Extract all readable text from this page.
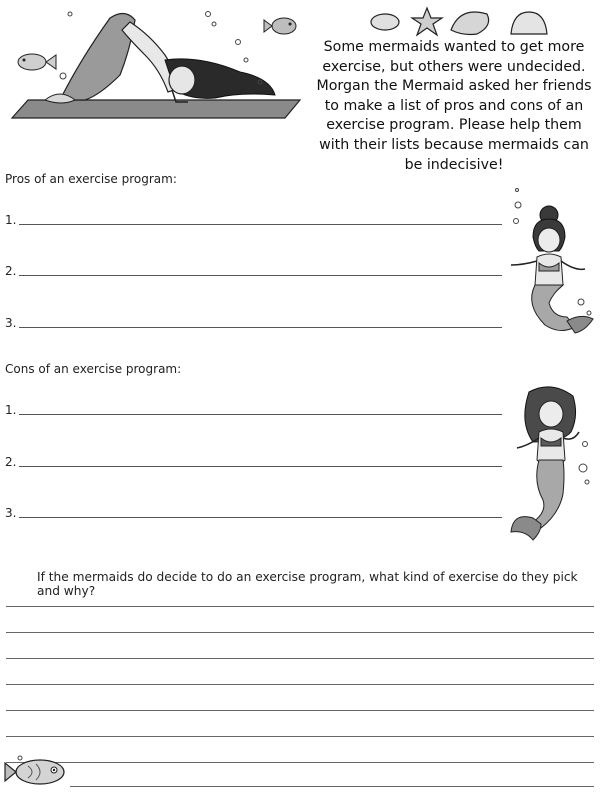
Some mermaids wanted to get more
exercise, but others were undecided.
Morgan the Mermaid asked her friends
to make a list of pros and cons of an
exercise program. Please help them
with their lists because mermaids can
be indecisive!
Pros of an exercise program:
1.
2.
3.
Cons of an exercise program:
1.
2.
3.
If the mermaids do decide to do an exercise program, what kind of exercise do they pick and why?
